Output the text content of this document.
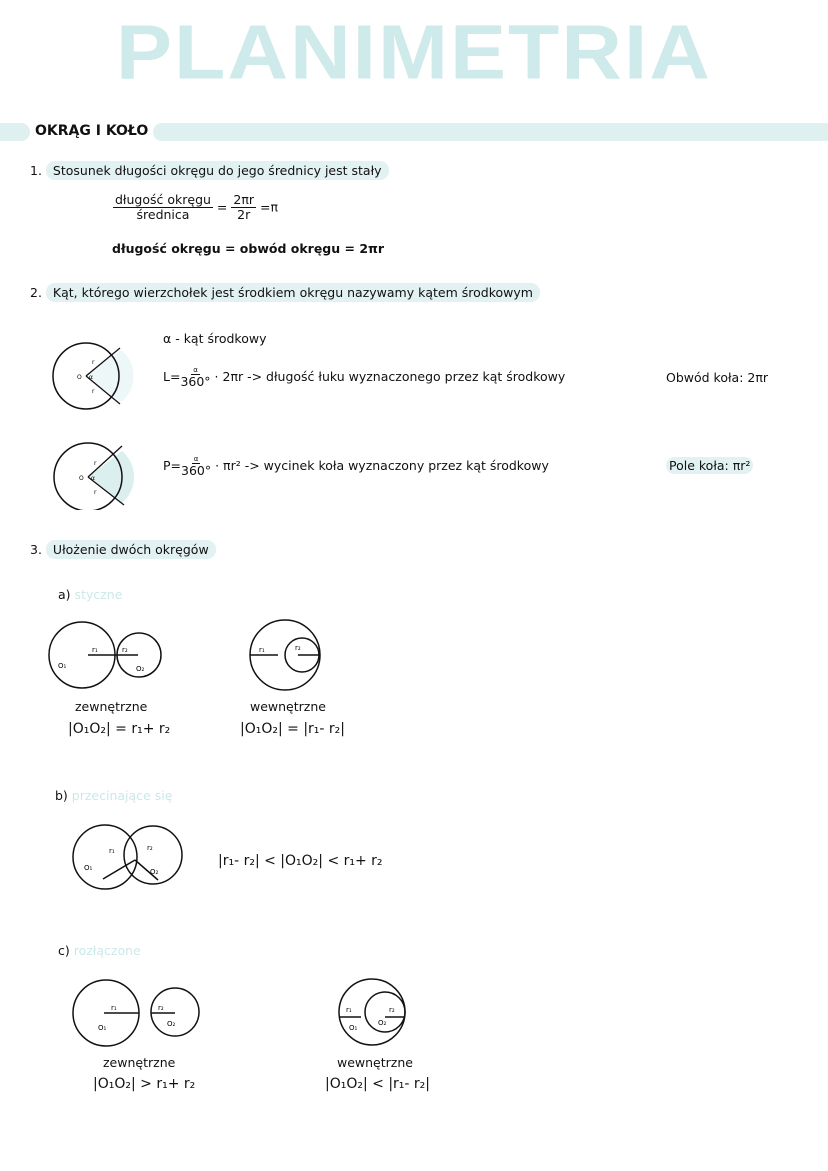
PLANIMETRIA
OKRĄG I KOŁO
1. Stosunek długości okręgu do jego średnicy jest stały
$\frac{\text{długość okręgu}}{\text{średnica}} = \frac{2\pi r}{2r} =\pi$
długość okręgu = obwód okręgu = 2πr
2. Kąt, którego wierzchołek jest środkiem okręgu nazywamy kątem środkowym
α - kąt środkowy
O
r
r
α
O
r
r
α
$L= \frac{\alpha}{360^\circ} \cdot 2\pi r$ -> długość łuku wyznaczonego przez kąt środkowy	Obwód koła: 2πr
$P= \frac{\alpha}{360^\circ} \cdot \pi r^2$ -> wycinek koła wyznaczony przez kąt środkowy	Pole koła: πr²
3. Ułożenie dwóch okręgów
a) styczne
O₁	O₂
r₁	r₂	r₁	r₂
O₁	O₂
r₁	r₂
O₁	O₂
r₁	r₂
O₁
O₂
r₁	r₂
zewnętrzne
|O₁O₂| = r₁+ r₂
wewnętrzne
|O₁O₂| = |r₁- r₂|
b) przecinające się
|r₁- r₂| < |O₁O₂| < r₁+ r₂
c) rozłączone
zewnętrzne
|O₁O₂| > r₁+ r₂
wewnętrzne
|O₁O₂| < |r₁- r₂|
